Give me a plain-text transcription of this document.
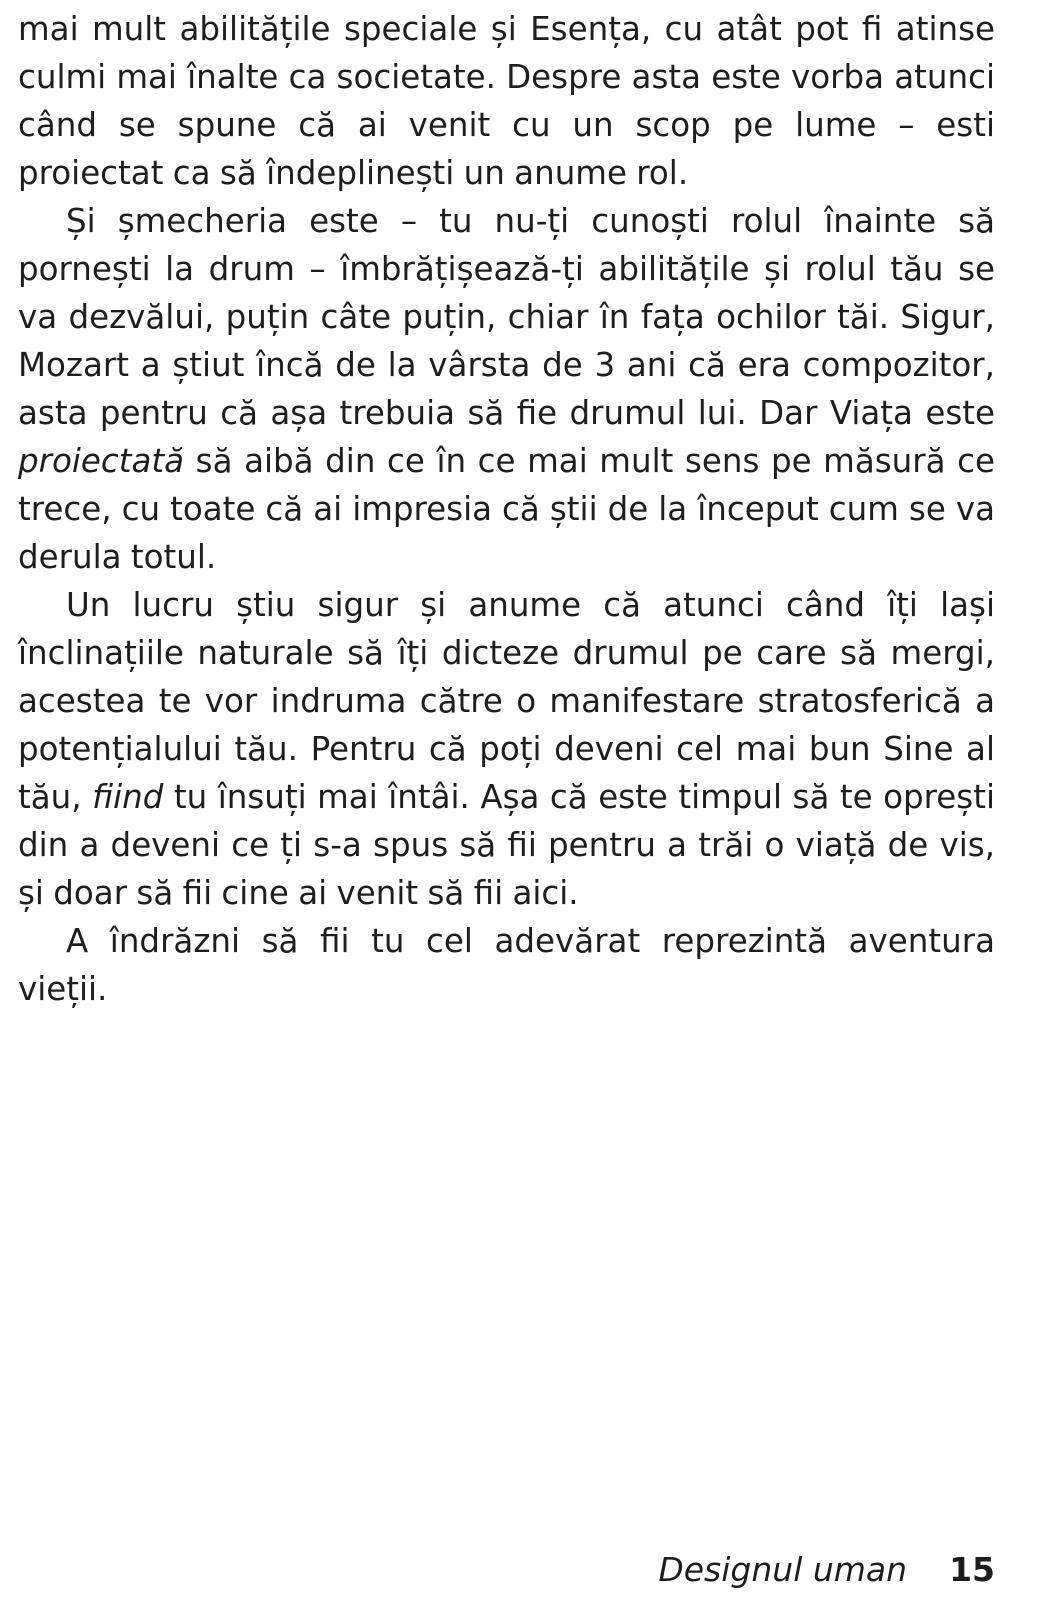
mai mult abilitățile speciale și Esența, cu atât pot fi atinse culmi mai înalte ca societate. Despre asta este vorba atunci când se spune că ai venit cu un scop pe lume – esti proiectat ca să îndeplinești un anume rol.

Și șmecheria este – tu nu-ți cunoști rolul înainte să pornești la drum – îmbrățișează-ți abilitățile și rolul tău se va dezvălui, puțin câte puțin, chiar în fața ochilor tăi. Sigur, Mozart a știut încă de la vârsta de 3 ani că era compozitor, asta pentru că așa trebuia să fie drumul lui. Dar Viața este proiectată să aibă din ce în ce mai mult sens pe măsură ce trece, cu toate că ai impresia că știi de la început cum se va derula totul.

Un lucru știu sigur și anume că atunci când îți lași înclinațiile naturale să îți dicteze drumul pe care să mergi, acestea te vor indruma către o manifestare stratosferică a potențialului tău. Pentru că poți deveni cel mai bun Sine al tău, fiind tu însuți mai întâi. Așa că este timpul să te oprești din a deveni ce ți s-a spus să fii pentru a trăi o viață de vis, și doar să fii cine ai venit să fii aici.

A îndrăzni să fii tu cel adevărat reprezintă aventura vieții.

Designul uman 15
